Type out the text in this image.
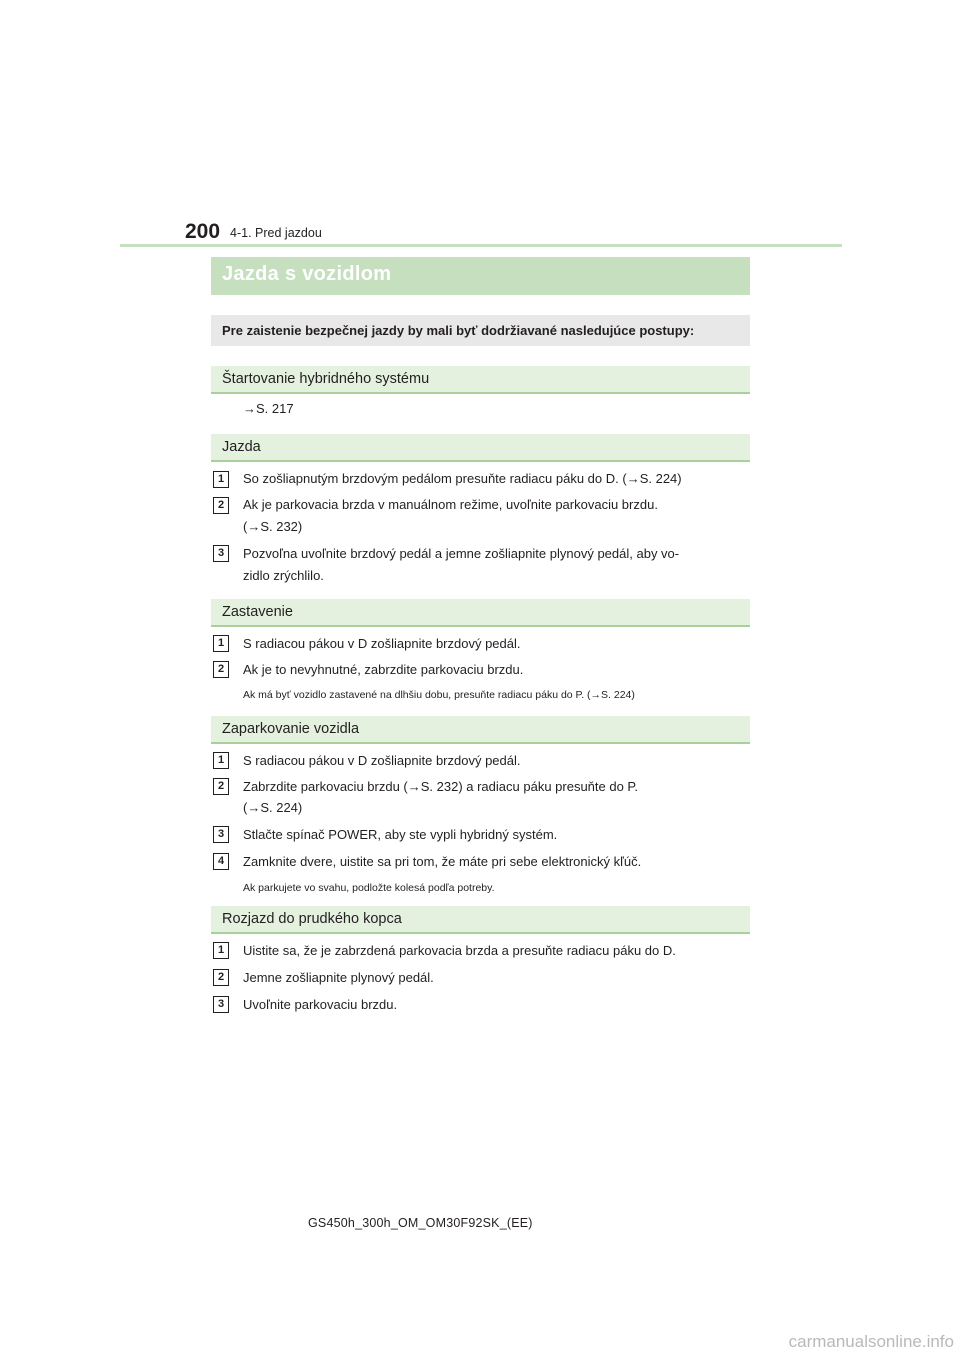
200 4-1. Pred jazdou
Jazda s vozidlom
Pre zaistenie bezpečnej jazdy by mali byť dodržiavané nasledujúce postupy:
Štartovanie hybridného systému
→S. 217
Jazda
1	So zošliapnutým brzdovým pedálom presuňte radiacu páku do D. (→S. 224)
2	Ak je parkovacia brzda v manuálnom režime, uvoľnite parkovaciu brzdu.
(→S. 232)
3	Pozvoľna uvoľnite brzdový pedál a jemne zošliapnite plynový pedál, aby vo-
zidlo zrýchlilo.
Zastavenie
1	S radiacou pákou v D zošliapnite brzdový pedál.
2	Ak je to nevyhnutné, zabrzdite parkovaciu brzdu.
Ak má byť vozidlo zastavené na dlhšiu dobu, presuňte radiacu páku do P. (→S. 224)
Zaparkovanie vozidla
1	S radiacou pákou v D zošliapnite brzdový pedál.
2	Zabrzdite parkovaciu brzdu (→S. 232) a radiacu páku presuňte do P.
(→S. 224)
3	Stlačte spínač POWER, aby ste vypli hybridný systém.
4	Zamknite dvere, uistite sa pri tom, že máte pri sebe elektronický kľúč.
Ak parkujete vo svahu, podložte kolesá podľa potreby.
Rozjazd do prudkého kopca
1	Uistite sa, že je zabrzdená parkovacia brzda a presuňte radiacu páku do D.
2	Jemne zošliapnite plynový pedál.
3	Uvoľnite parkovaciu brzdu.
GS450h_300h_OM_OM30F92SK_(EE)
carmanualsonline.info
